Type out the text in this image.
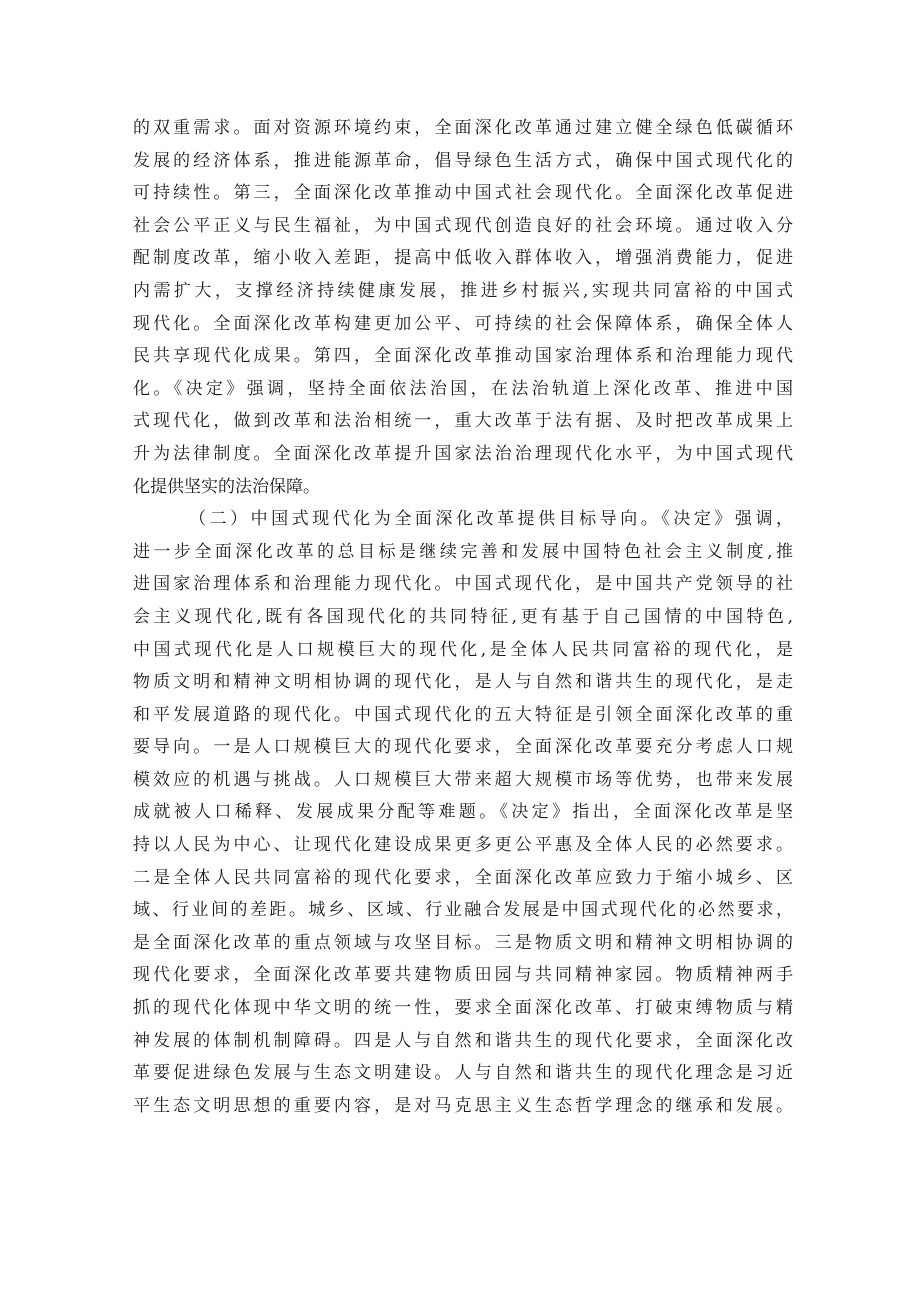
的双重需求。面对资源环境约束，全面深化改革通过建立健全绿色低碳循环
发展的经济体系，推进能源革命，倡导绿色生活方式，确保中国式现代化的
可持续性。第三，全面深化改革推动中国式社会现代化。全面深化改革促进
社会公平正义与民生福祉，为中国式现代创造良好的社会环境。通过收入分
配制度改革，缩小收入差距，提高中低收入群体收入，增强消费能力，促进
内需扩大，支撑经济持续健康发展，推进乡村振兴,实现共同富裕的中国式
现代化。全面深化改革构建更加公平、可持续的社会保障体系，确保全体人
民共享现代化成果。第四，全面深化改革推动国家治理体系和治理能力现代
化。《决定》强调，坚持全面依法治国，在法治轨道上深化改革、推进中国
式现代化，做到改革和法治相统一，重大改革于法有据、及时把改革成果上
升为法律制度。全面深化改革提升国家法治治理现代化水平，为中国式现代
化提供坚实的法治保障。
（二）中国式现代化为全面深化改革提供目标导向。《决定》强调，
进一步全面深化改革的总目标是继续完善和发展中国特色社会主义制度,推
进国家治理体系和治理能力现代化。中国式现代化，是中国共产党领导的社
会主义现代化,既有各国现代化的共同特征,更有基于自己国情的中国特色,
中国式现代化是人口规模巨大的现代化,是全体人民共同富裕的现代化，是
物质文明和精神文明相协调的现代化，是人与自然和谐共生的现代化，是走
和平发展道路的现代化。中国式现代化的五大特征是引领全面深化改革的重
要导向。一是人口规模巨大的现代化要求，全面深化改革要充分考虑人口规
模效应的机遇与挑战。人口规模巨大带来超大规模市场等优势，也带来发展
成就被人口稀释、发展成果分配等难题。《决定》指出，全面深化改革是坚
持以人民为中心、让现代化建设成果更多更公平惠及全体人民的必然要求。
二是全体人民共同富裕的现代化要求，全面深化改革应致力于缩小城乡、区
域、行业间的差距。城乡、区域、行业融合发展是中国式现代化的必然要求，
是全面深化改革的重点领域与攻坚目标。三是物质文明和精神文明相协调的
现代化要求，全面深化改革要共建物质田园与共同精神家园。物质精神两手
抓的现代化体现中华文明的统一性，要求全面深化改革、打破束缚物质与精
神发展的体制机制障碍。四是人与自然和谐共生的现代化要求，全面深化改
革要促进绿色发展与生态文明建设。人与自然和谐共生的现代化理念是习近
平生态文明思想的重要内容，是对马克思主义生态哲学理念的继承和发展。
